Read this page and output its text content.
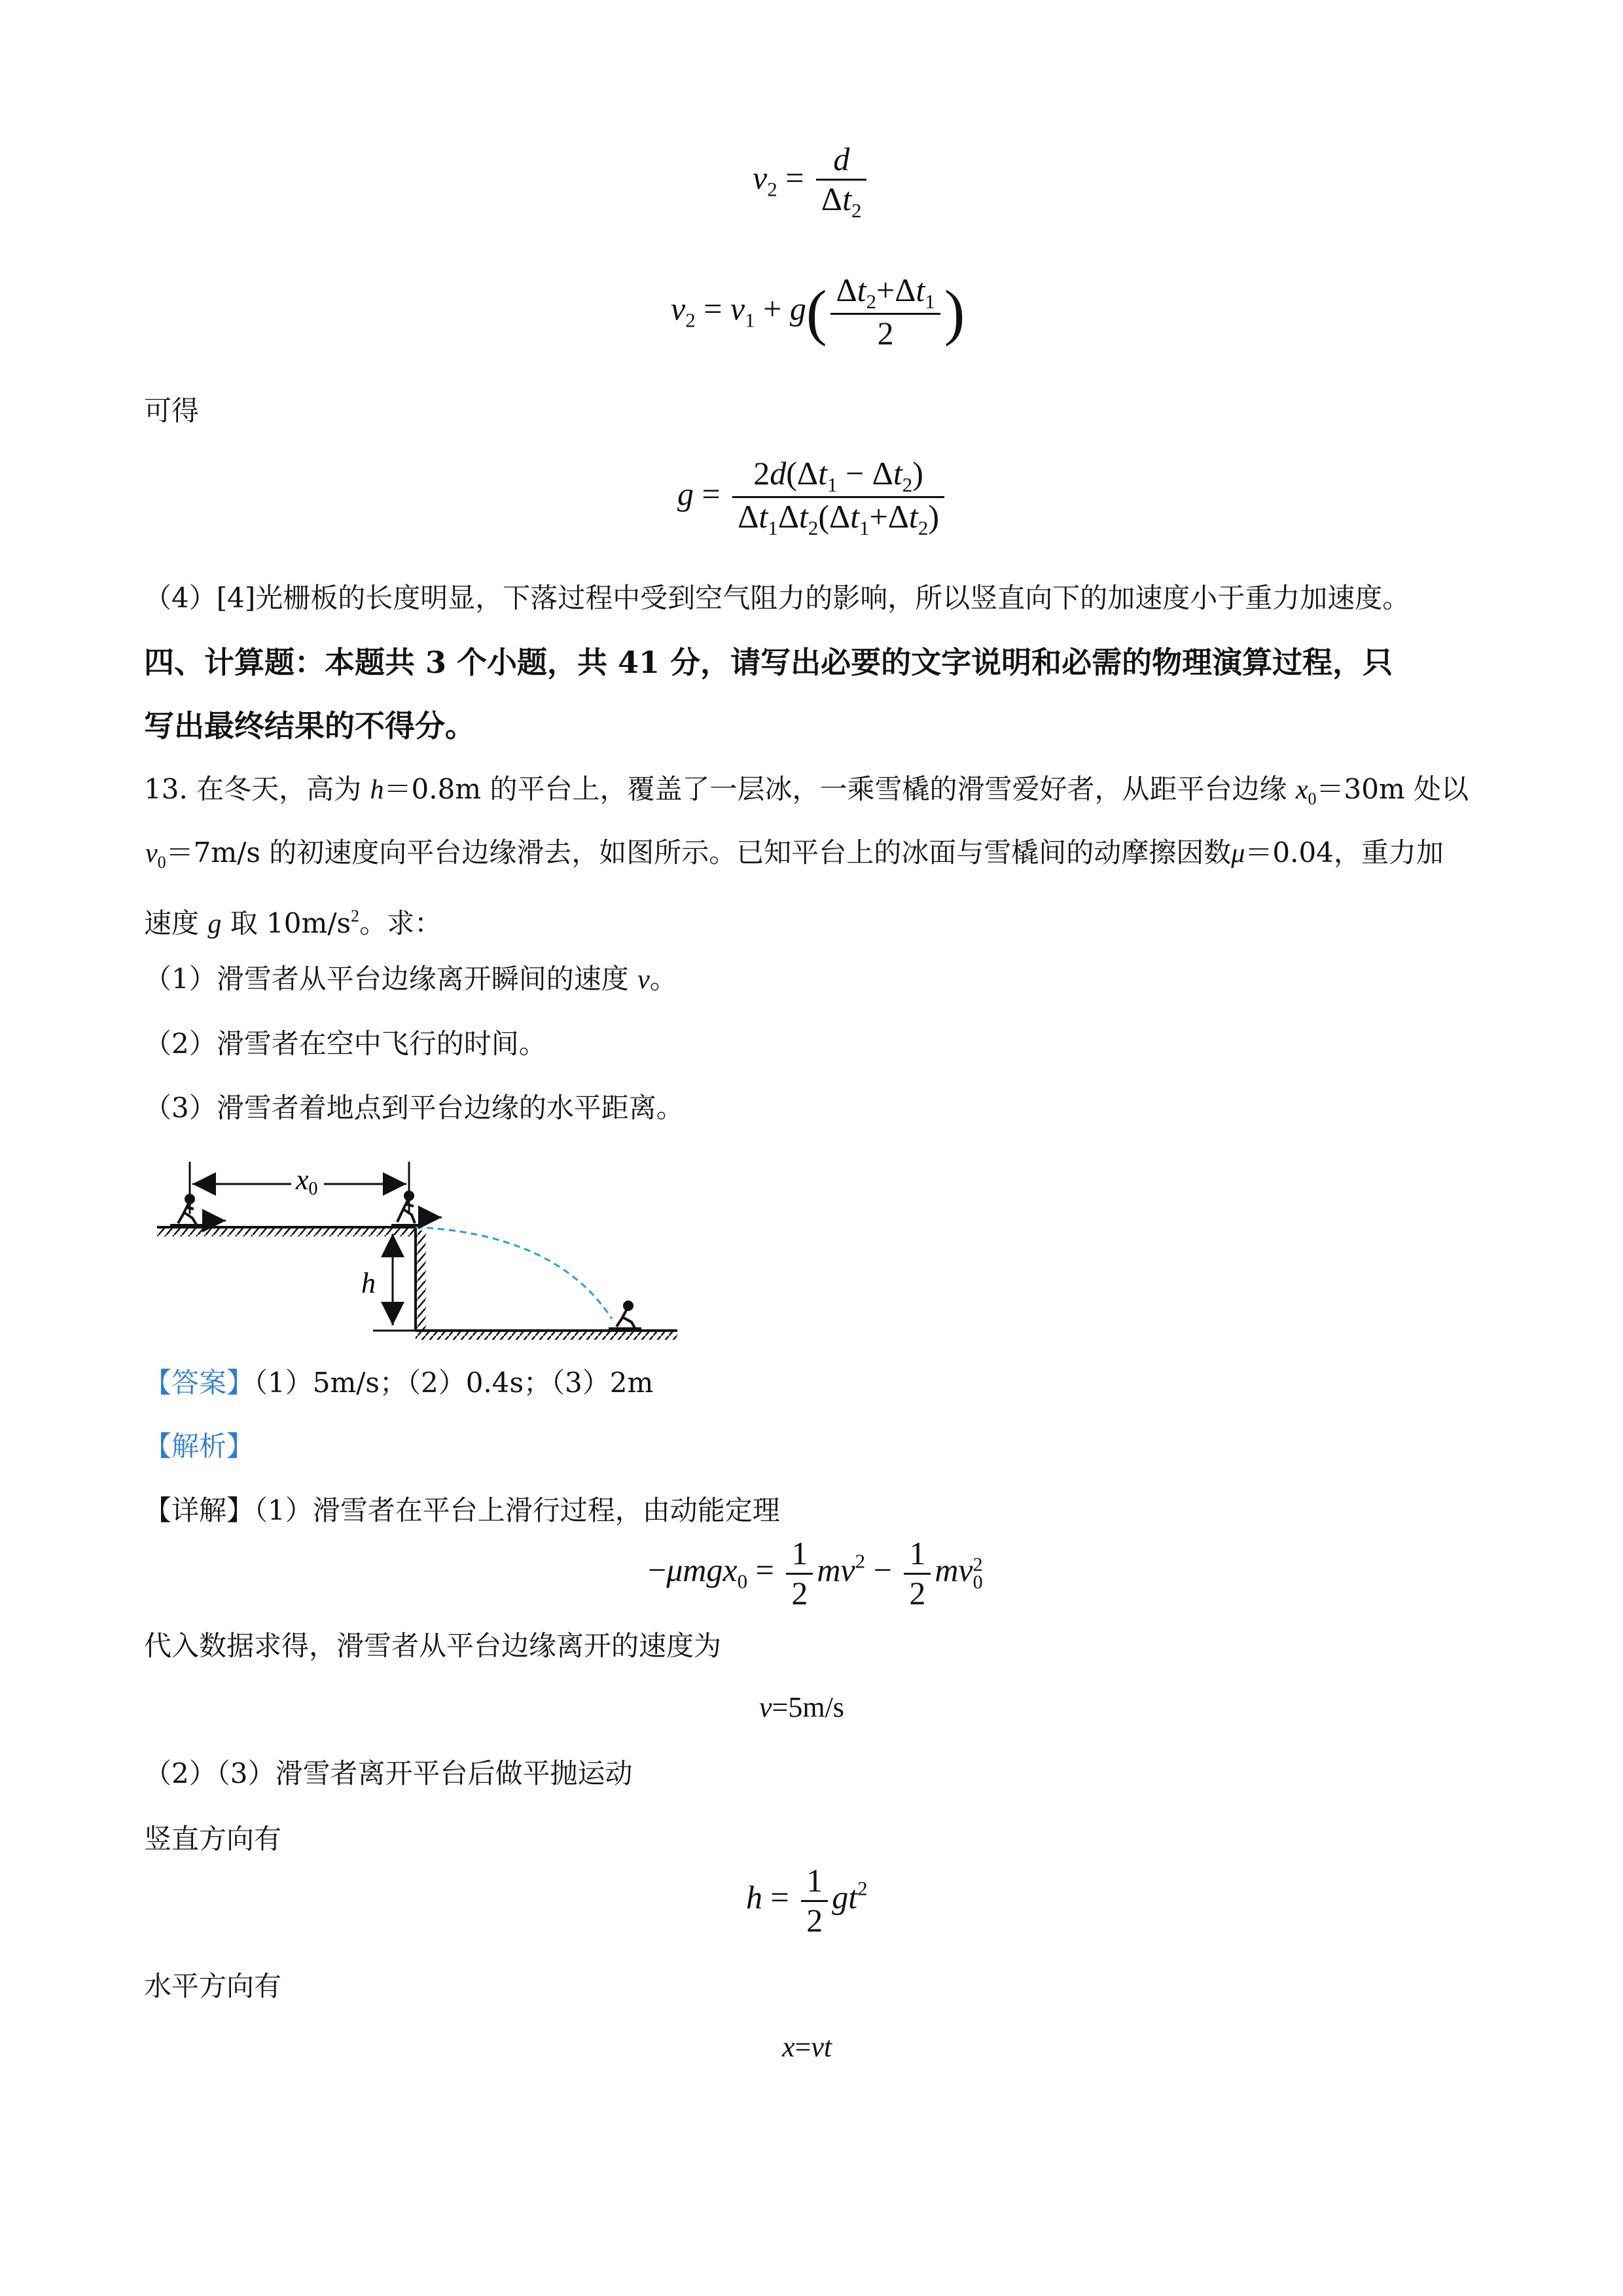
$v_2 = \frac{d}{\Delta t_2}$
$v_2 = v_1 + g( \frac{\Delta t_2+\Delta t_1}{2}$ )
可得
$g = \frac{2d(\Delta t_1 - \Delta t_2)}{\Delta t_1\Delta t_2(\Delta t_1+\Delta t_2)}$
（4）[4]光栅板的长度明显，下落过程中受到空气阻力的影响，所以竖直向下的加速度小于重力加速度。
四、计算题：本题共 3 个小题，共 41 分，请写出必要的文字说明和必需的物理演算过程，只
写出最终结果的不得分。
13. 在冬天，高为 h＝0.8m 的平台上，覆盖了一层冰，一乘雪橇的滑雪爱好者，从距平台边缘 $x_0=30m$ 处以
$v_0=7m/s$ 的初速度向平台边缘滑去，如图所示。已知平台上的冰面与雪橇间的动摩擦因数μ＝0.04，重力加
速度 g 取 $10m/s^2$。求：
（1）滑雪者从平台边缘离开瞬间的速度 v。
（2）滑雪者在空中飞行的时间。
（3）滑雪者着地点到平台边缘的水平距离。
x0
h
【答案】（1）5m/s；（2）0.4s；（3）2m
【解析】
【详解】（1）滑雪者在平台上滑行过程，由动能定理
$-\mu mgx_0 = \frac{1}{2} mv^2 - \frac{1}{2}$ mv 2
0
代入数据求得，滑雪者从平台边缘离开的速度为
v=5m/s
（2）（3）滑雪者离开平台后做平抛运动
竖直方向有
$h = \frac{1}{2} gt^2$
水平方向有
x=vt
